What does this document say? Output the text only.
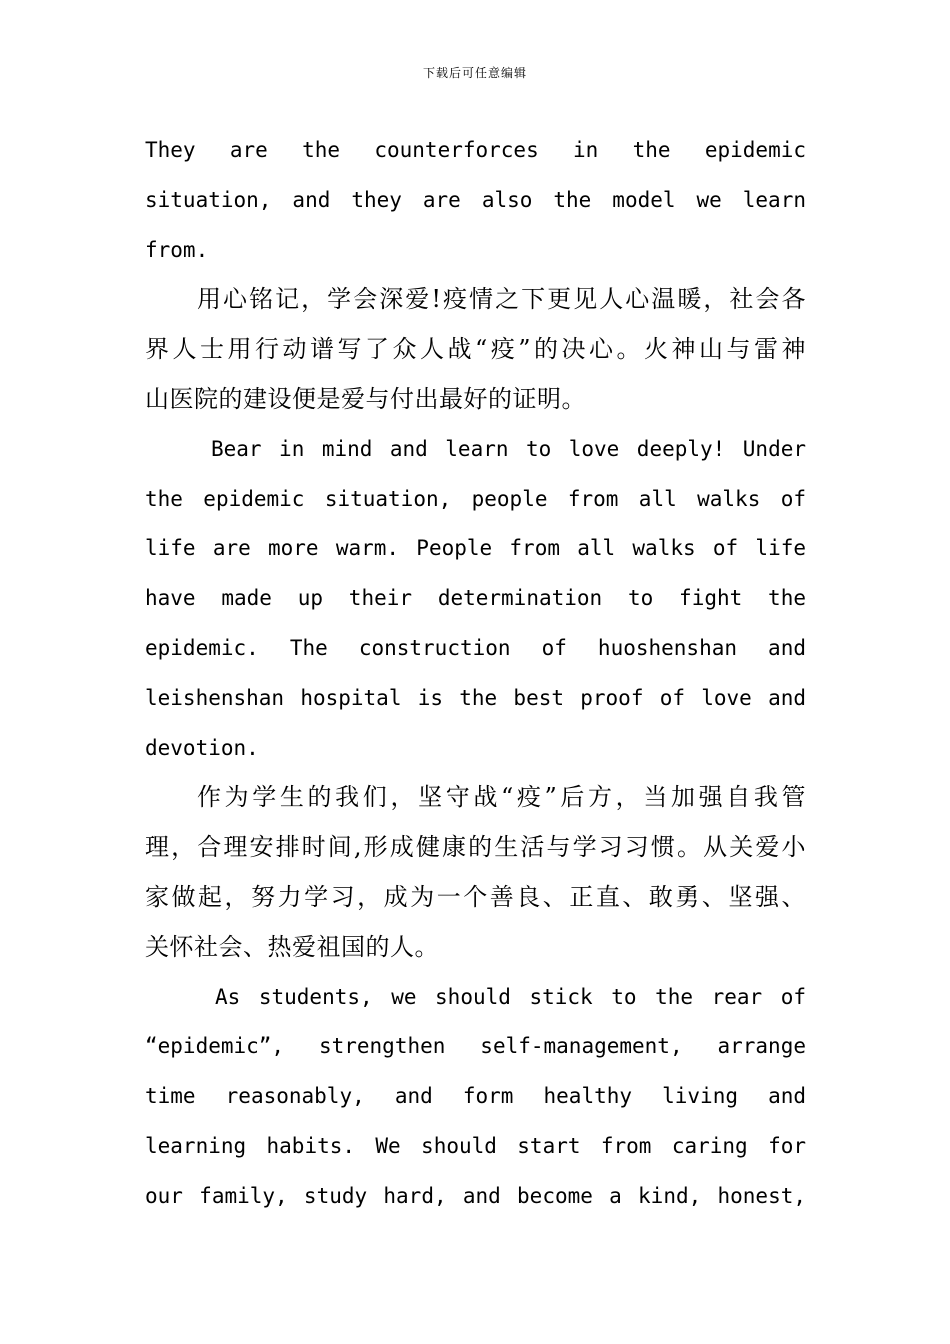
下载后可任意编辑
They are the counterforces in the epidemic
situation, and they are also the model we learn
from.
用心铭记，学会深爱!疫情之下更见人心温暖，社会各
界人士用行动谱写了众人战“疫”的决心。火神山与雷神
山医院的建设便是爱与付出最好的证明。
Bear in mind and learn to love deeply! Under
the epidemic situation, people from all walks of
life are more warm. People from all walks of life
have made up their determination to fight the
epidemic. The construction of huoshenshan and
leishenshan hospital is the best proof of love and
devotion.
作为学生的我们，坚守战“疫”后方，当加强自我管
理，合理安排时间,形成健康的生活与学习习惯。从关爱小
家做起，努力学习，成为一个善良、正直、敢勇、坚强、
关怀社会、热爱祖国的人。
As students, we should stick to the rear of
“epidemic”, strengthen self-management, arrange
time reasonably, and form healthy living and
learning habits. We should start from caring for
our family, study hard, and become a kind, honest,
